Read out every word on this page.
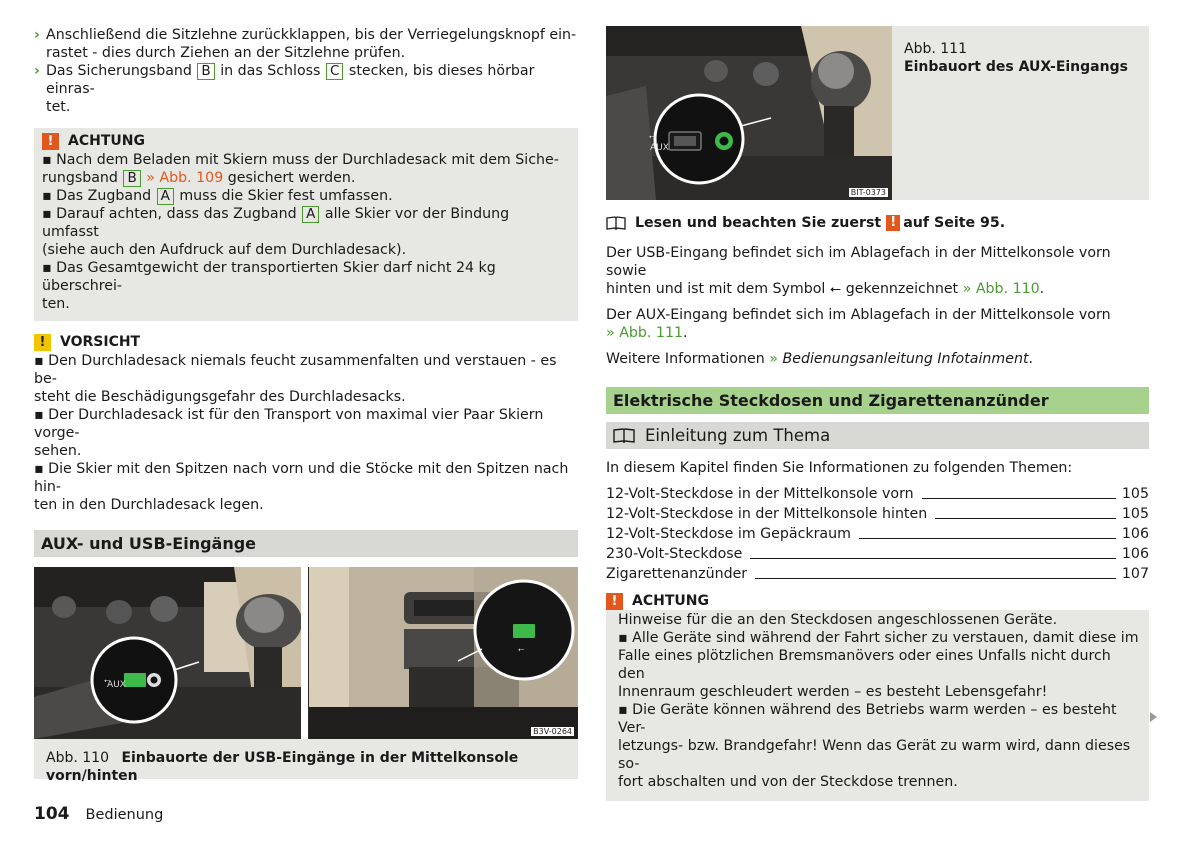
› Anschließend die Sitzlehne zurückklappen, bis der Verriegelungsknopf ein-
rastet - dies durch Ziehen an der Sitzlehne prüfen.
› Das Sicherungsband B in das Schloss C stecken, bis dieses hörbar einras-
tet.
!	ACHTUNG
▪ Nach dem Beladen mit Skiern muss der Durchladesack mit dem Siche-
rungsband B » Abb. 109 gesichert werden.
▪ Das Zugband A muss die Skier fest umfassen.
▪ Darauf achten, dass das Zugband A alle Skier vor der Bindung umfasst
(siehe auch den Aufdruck auf dem Durchladesack).
▪ Das Gesamtgewicht der transportierten Skier darf nicht 24 kg überschrei-
ten.
!	VORSICHT
▪ Den Durchladesack niemals feucht zusammenfalten und verstauen - es be-
steht die Beschädigungsgefahr des Durchladesacks.
▪ Der Durchladesack ist für den Transport von maximal vier Paar Skiern vorge-
sehen.
▪ Die Skier mit den Spitzen nach vorn und die Stöcke mit den Spitzen nach hin-
ten in den Durchladesack legen.
AUX- und USB-Eingänge
⭠
⭠
AUX
B3V-0264
Abb. 110 Einbauorte der USB-Eingänge in der Mittelkonsole vorn/hinten
⭠
AUX
BIT-0373
Abb. 111
Einbauort des AUX-Eingangs
Lesen und beachten Sie zuerst ! auf Seite 95.
Der USB-Eingang befindet sich im Ablagefach in der Mittelkonsole vorn sowie
hinten und ist mit dem Symbol ⭠ gekennzeichnet » Abb. 110.
Der AUX-Eingang befindet sich im Ablagefach in der Mittelkonsole vorn
» Abb. 111.
Weitere Informationen » Bedienungsanleitung Infotainment.
Elektrische Steckdosen und Zigarettenanzünder
Einleitung zum Thema
In diesem Kapitel finden Sie Informationen zu folgenden Themen:
12-Volt-Steckdose in der Mittelkonsole vorn	105
12-Volt-Steckdose in der Mittelkonsole hinten	105
12-Volt-Steckdose im Gepäckraum	106
230-Volt-Steckdose	106
Zigarettenanzünder	107
!	ACHTUNG
Hinweise für die an den Steckdosen angeschlossenen Geräte.
▪ Alle Geräte sind während der Fahrt sicher zu verstauen, damit diese im
Falle eines plötzlichen Bremsmanövers oder eines Unfalls nicht durch den
Innenraum geschleudert werden – es besteht Lebensgefahr!
▪ Die Geräte können während des Betriebs warm werden – es besteht Ver-
letzungs- bzw. Brandgefahr! Wenn das Gerät zu warm wird, dann dieses so-
fort abschalten und von der Steckdose trennen.
104 Bedienung
